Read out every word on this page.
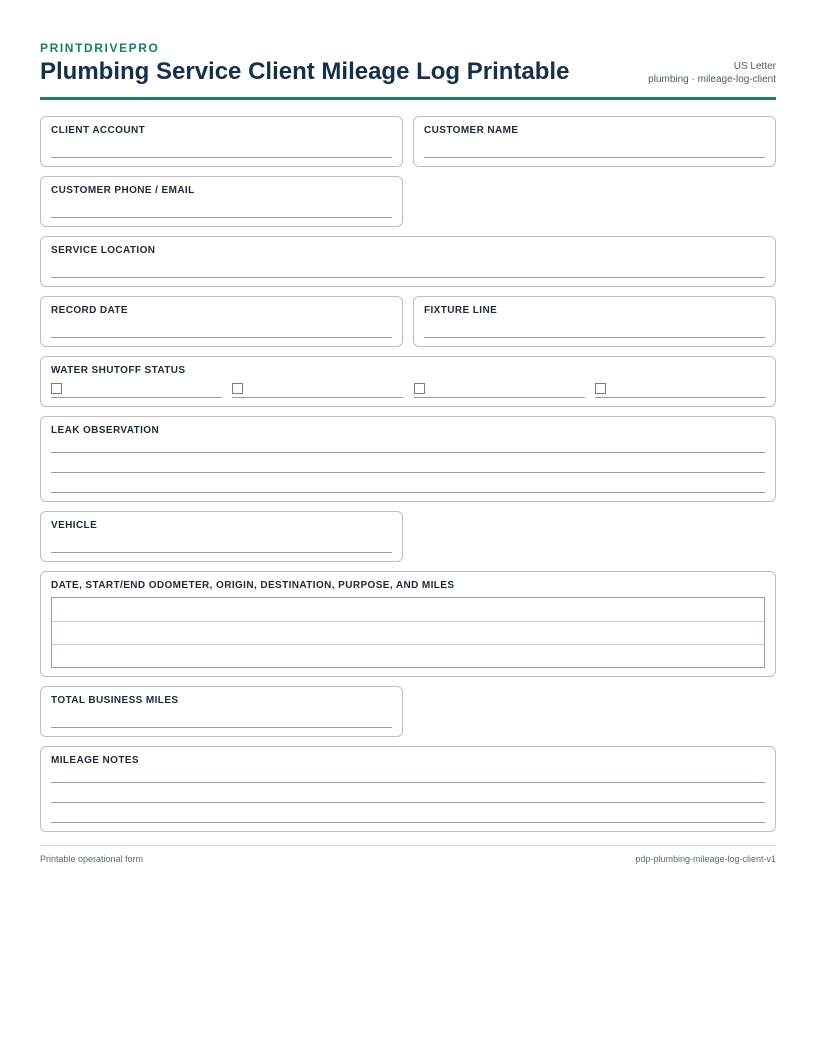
PRINTDRIVEPRO
Plumbing Service Client Mileage Log Printable	US Letter
plumbing · mileage-log-client
CLIENT ACCOUNT	CUSTOMER NAME
CUSTOMER PHONE / EMAIL
SERVICE LOCATION
RECORD DATE	FIXTURE LINE
WATER SHUTOFF STATUS
LEAK OBSERVATION
VEHICLE
DATE, START/END ODOMETER, ORIGIN, DESTINATION, PURPOSE, AND MILES
TOTAL BUSINESS MILES
MILEAGE NOTES
Printable operational form	pdp-plumbing-mileage-log-client-v1
